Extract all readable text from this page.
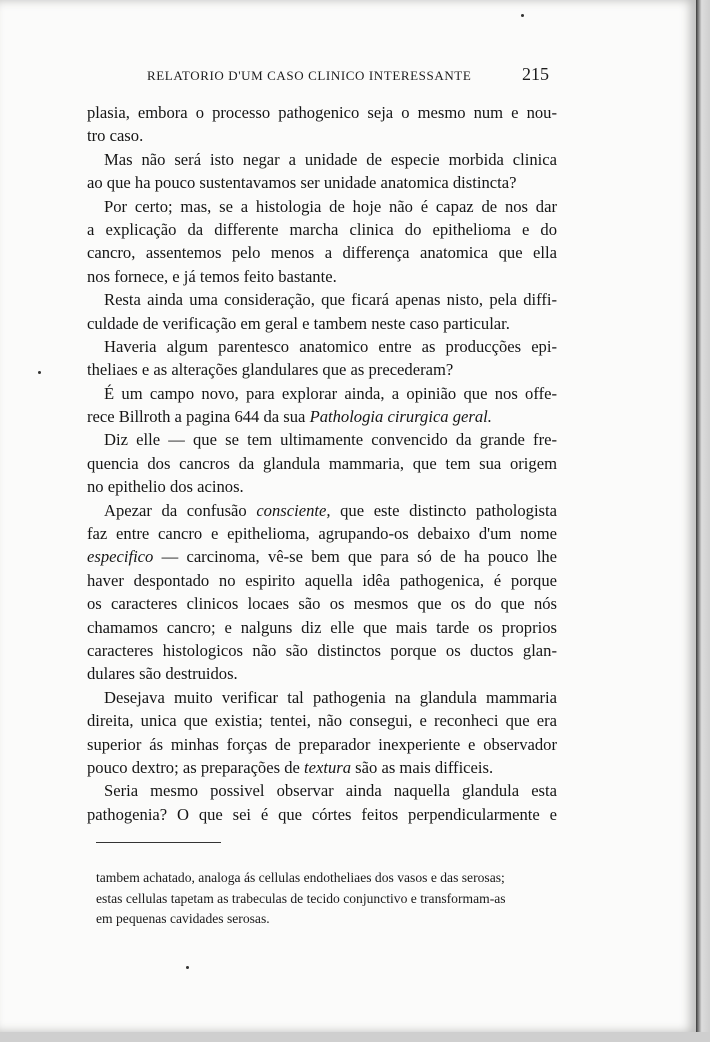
RELATORIO D'UM CASO CLINICO INTERESSANTE	215
plasia, embora o processo pathogenico seja o mesmo num e nou-
tro caso.
Mas não será isto negar a unidade de especie morbida clinica
ao que ha pouco sustentavamos ser unidade anatomica distincta?
Por certo; mas, se a histologia de hoje não é capaz de nos dar
a explicação da differente marcha clinica do epithelioma e do
cancro, assentemos pelo menos a differença anatomica que ella
nos fornece, e já temos feito bastante.
Resta ainda uma consideração, que ficará apenas nisto, pela diffi-
culdade de verificação em geral e tambem neste caso particular.
Haveria algum parentesco anatomico entre as producções epi-
theliaes e as alterações glandulares que as precederam?
É um campo novo, para explorar ainda, a opinião que nos offe-
rece Billroth a pagina 644 da sua Pathologia cirurgica geral.
Diz elle — que se tem ultimamente convencido da grande fre-
quencia dos cancros da glandula mammaria, que tem sua origem
no epithelio dos acinos.
Apezar da confusão consciente, que este distincto pathologista
faz entre cancro e epithelioma, agrupando-os debaixo d'um nome
especifico — carcinoma, vê-se bem que para só de ha pouco lhe
haver despontado no espirito aquella idêa pathogenica, é porque
os caracteres clinicos locaes são os mesmos que os do que nós
chamamos cancro; e nalguns diz elle que mais tarde os proprios
caracteres histologicos não são distinctos porque os ductos glan-
dulares são destruidos.
Desejava muito verificar tal pathogenia na glandula mammaria
direita, unica que existia; tentei, não consegui, e reconheci que era
superior ás minhas forças de preparador inexperiente e observador
pouco dextro; as preparações de textura são as mais difficeis.
Seria mesmo possivel observar ainda naquella glandula esta
pathogenia? O que sei é que córtes feitos perpendicularmente e
tambem achatado, analoga ás cellulas endotheliaes dos vasos e das serosas;
estas cellulas tapetam as trabeculas de tecido conjunctivo e transformam-as
em pequenas cavidades serosas.
